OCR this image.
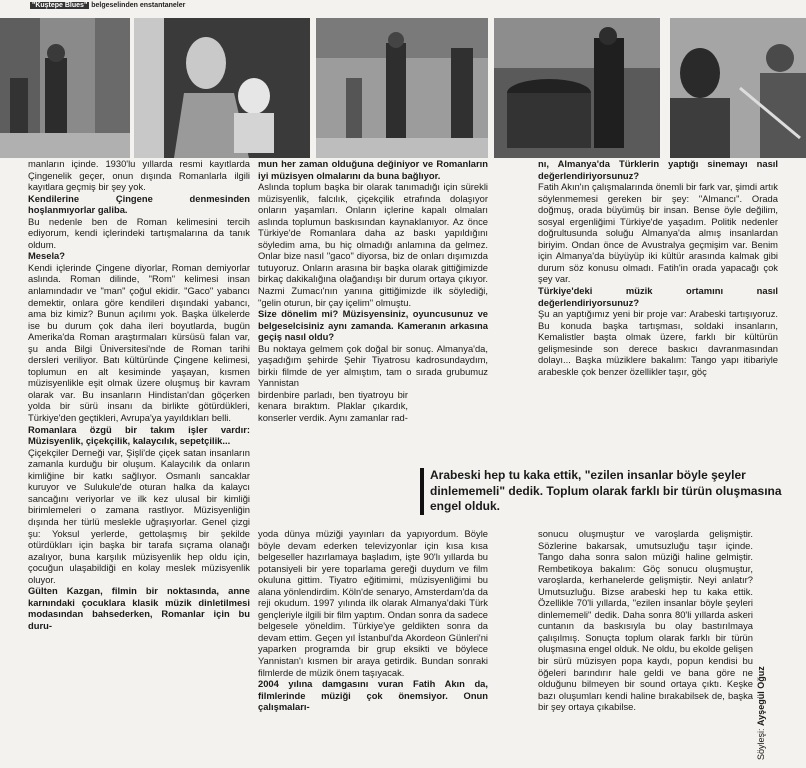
"Kuştepe Blues" belgeselinden enstantaneler

manların içinde. 1930'lu yıllarda resmi kayıtlarda Çingenelik geçer, onun dışında Romanlarla ilgili kayıtlara geçmiş bir şey yok.

Kendilerine Çingene denmesinden hoşlanmıyorlar galiba.

Bu nedenle ben de Roman kelimesini tercih ediyorum, kendi içlerindeki tartışmalarına da tanık oldum.

Mesela?

Kendi içlerinde Çingene diyorlar, Roman demiyorlar aslında. Roman dilinde, "Rom" kelimesi insan anlamındadır ve "man" çoğul ekidir. "Gaco" yabancı demektir, onlara göre kendileri dışındaki yabancı, ama biz kimiz? Bunun açılımı yok. Başka ülkelerde ise bu durum çok daha ileri boyutlarda, bugün Amerika'da Roman araştırmaları kürsüsü falan var, şu anda Bilgi Üniversitesi'nde de Roman tarihi dersleri veriliyor. Batı kültüründe Çingene kelimesi, toplumun en alt kesiminde yaşayan, kısmen müzisyenlikle eşit olmak üzere oluşmuş bir kavram olarak var. Bu insanların Hindistan'dan göçerken yolda bir sürü insanı da birlikte götürdükleri, Türkiye'den geçtikleri, Avrupa'ya yayıldıkları belli.

Romanlara özgü bir takım işler vardır: Müzisyenlik, çiçekçilik, kalaycılık, sepetçilik...

Çiçekçiler Derneği var, Şişli'de çiçek satan insanların zamanla kurduğu bir oluşum. Kalaycılık da onların kimliğine bir katkı sağlıyor. Osmanlı sancaklar kuruyor ve Sulukule'de oturan halka da kalaycı sancağını veriyorlar ve ilk kez ulusal bir kimliği birimlemeleri o zamana rastlıyor. Müzisyenliğin dışında her türlü meslekle uğraşıyorlar. Genel çizgi şu: Yoksul yerlerde, gettolaşmış bir şekilde otürdükları için başka bir tarafa sıçrama olanağı azalıyor, buna karşılık müzisyenlik hep oldu için, çocuğun ulaşabildiği en kolay meslek müzisyenlik oluyor.

Gülten Kazgan, filmin bir noktasında, anne karnındaki çocuklara klasik müzik dinletilmesi modasından bahsederken, Romanlar için bu duru-

mun her zaman olduğuna değiniyor ve Romanların iyi müzisyen olmalarını da buna bağlıyor.

Aslında toplum başka bir olarak tanımadığı için sürekli müzisyenlik, falcılık, çiçekçilik etrafında dolaşıyor onların yaşamları. Onların içlerine kapalı olmaları aslında toplumun baskısından kaynaklanıyor. Az önce Türkiye'de Romanlara daha az baskı yapıldığını söyledim ama, bu hiç olmadığı anlamına da gelmez. Onlar bize nasıl "gaco" diyorsa, biz de onları dışımızda tutuyoruz. Onların arasına bir başka olarak gittiğimizde birkaç dakikalığına olağandışı bir durum ortaya çıkıyor. Nazmi Zumacı'nın yanına gittiğimizde ilk söylediği, "gelin oturun, bir çay içelim" olmuştu.

Size dönelim mi? Müzisyensiniz, oyuncusunuz ve belgeselcisiniz aynı zamanda. Kameranın arkasına geçiş nasıl oldu?

Bu noktaya gelmem çok doğal bir sonuç. Almanya'da, yaşadığım şehirde Şehir Tiyatrosu kadrosundaydım, birkiı filmde de yer almıştım, tam o sırada grubumuz Yannistan

birdenbire parladı, ben tiyatroyu bir kenara bıraktım. Plaklar çıkardık, konserler verdik. Aynı zamanlar rad-

Arabeski hep tu kaka ettik, "ezilen insanlar böyle şeyler dinlememeli" dedik. Toplum olarak farklı bir türün oluşmasına engel olduk.

yoda dünya müziği yayınları da yapıyordum. Böyle böyle devam ederken televizyonlar için kısa kısa belgeseller hazırlamaya başladım, işte 90'lı yıllarda bu potansiyeli bir yere toparlama gereği duydum ve film okuluna gittim. Tiyatro eğitimimi, müzisyenliğimi bu alana yönlendirdim. Köln'de senaryo, Amsterdam'da da reji okudum. 1997 yılında ilk olarak Almanya'daki Türk gençleriyle ilgili bir film yaptım. Ondan sonra da sadece belgesele yöneldim. Türkiye'ye geldikten sonra da devam ettim. Geçen yıl İstanbul'da Akordeon Günleri'ni yaparken programda bir grup eksikti ve böylece Yannistan'ı kısmen bir araya getirdik. Bundan sonraki filmlerde de müzik önem taşıyacak.

2004 yılına damgasını vuran Fatih Akın da, filmlerinde müziği çok önemsiyor. Onun çalışmaları-

nı, Almanya'da Türklerin yaptığı sinemayı nasıl değerlendiriyorsunuz?

Fatih Akın'ın çalışmalarında önemli bir fark var, şimdi artık söylenmemesi gereken bir şey: "Almancı". Orada doğmuş, orada büyümüş bir insan. Bense öyle değilim, sosyal ergenliğimi Türkiye'de yaşadım. Politik nedenler doğrultusunda soluğu Almanya'da almış insanlardan biriyim. Ondan önce de Avustralya geçmişim var. Benim için Almanya'da büyüyüp iki kültür arasında kalmak gibi durum söz konusu olmadı. Fatih'in orada yapacağı çok şey var.

Türkiye'deki müzik ortamını nasıl değerlendiriyorsunuz?

Şu an yaptığımız yeni bir proje var: Arabeski tartışıyoruz. Bu konuda başka tartışması, soldaki insanların, Kemalistler başta olmak üzere, farklı bir kültürün gelişmesinde son derece baskıcı davranmasından dolayı... Başka müziklere bakalım: Tango yapı itibariyle arabeskle çok benzer özellikler taşır, göç

sonucu oluşmuştur ve varoşlarda gelişmiştir. Sözlerine bakarsak, umutsuzluğu taşır içinde. Tango daha sonra salon müziği haline gelmiştir. Rembetikoya bakalım: Göç sonucu oluşmuştur, varoşlarda, kerhanelerde gelişmiştir. Neyi anlatır? Umutsuzluğu. Bizse arabeski hep tu kaka ettik. Özellikle 70'li yıllarda, "ezilen insanlar böyle şeyleri dinlememeli" dedik. Daha sonra 80'li yıllarda askeri cuntanın da baskısıyla bu olay bastırılmaya çalışılmış. Sonuçta toplum olarak farklı bir türün oluşmasına engel olduk. Ne oldu, bu ekolde gelişen bir sürü müzisyen popa kaydı, popun kendisi bu öğeleri barındırır hale geldi ve bana göre ne olduğunu bilmeyen bir sound ortaya çıktı. Keşke bazı oluşumları kendi haline bırakabilsek de, başka bir şey ortaya çıkabilse.

Söyleşi: Ayşegül Oğuz
